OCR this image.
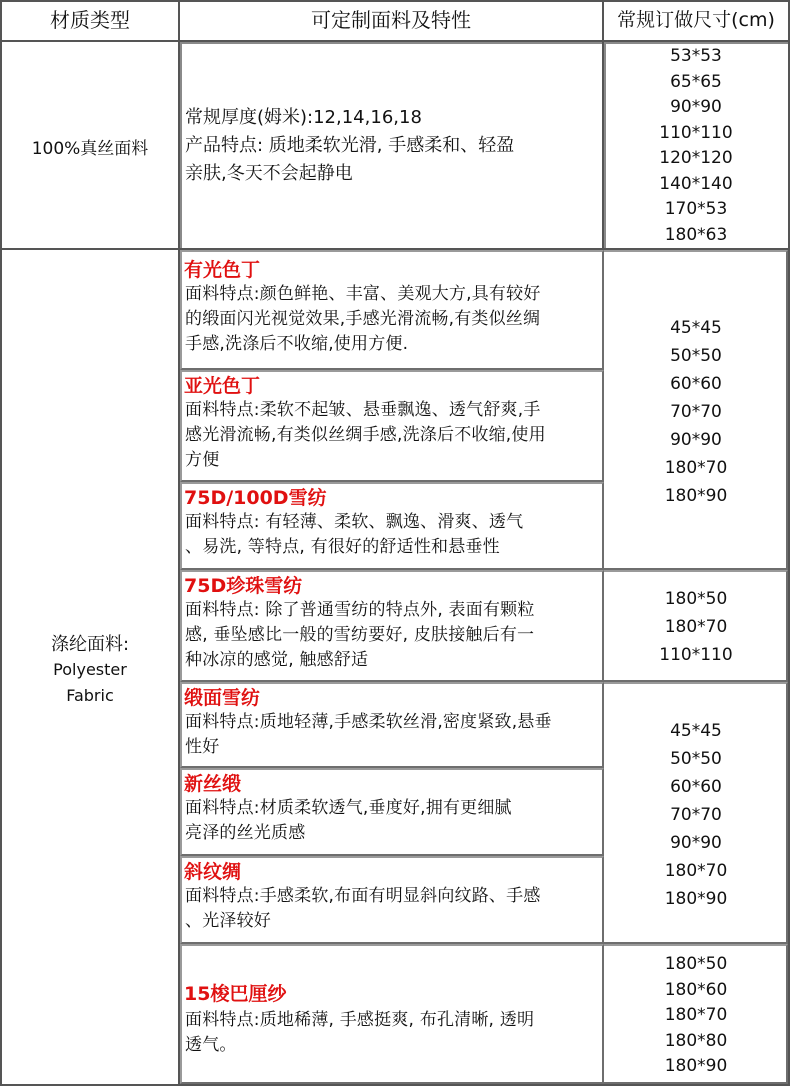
材质类型	可定制面料及特性	常规订做尺寸(cm)
100%真丝面料
常规厚度(姆米):12,14,16,18
产品特点: 质地柔软光滑, 手感柔和、轻盈
亲肤,冬天不会起静电
53*53
65*65
90*90
110*110
120*120
140*140
170*53
180*63
涤纶面料:
Polyester
Fabric
有光色丁
面料特点:颜色鲜艳、丰富、美观大方,具有较好
的缎面闪光视觉效果,手感光滑流畅,有类似丝绸
手感,洗涤后不收缩,使用方便.
亚光色丁
面料特点:柔软不起皱、悬垂飘逸、透气舒爽,手
感光滑流畅,有类似丝绸手感,洗涤后不收缩,使用
方便
75D/100D雪纺
面料特点: 有轻薄、柔软、飘逸、滑爽、透气
、易洗, 等特点, 有很好的舒适性和悬垂性
75D珍珠雪纺
面料特点: 除了普通雪纺的特点外, 表面有颗粒
感, 垂坠感比一般的雪纺要好, 皮肤接触后有一
种冰凉的感觉, 触感舒适
缎面雪纺
面料特点:质地轻薄,手感柔软丝滑,密度紧致,悬垂
性好
新丝缎
面料特点:材质柔软透气,垂度好,拥有更细腻
亮泽的丝光质感
斜纹绸
面料特点:手感柔软,布面有明显斜向纹路、手感
、光泽较好
15梭巴厘纱
面料特点:质地稀薄, 手感挺爽, 布孔清晰, 透明
透气。
45*45
50*50
60*60
70*70
90*90
180*70
180*90
180*50
180*70
110*110
45*45
50*50
60*60
70*70
90*90
180*70
180*90
180*50
180*60
180*70
180*80
180*90
